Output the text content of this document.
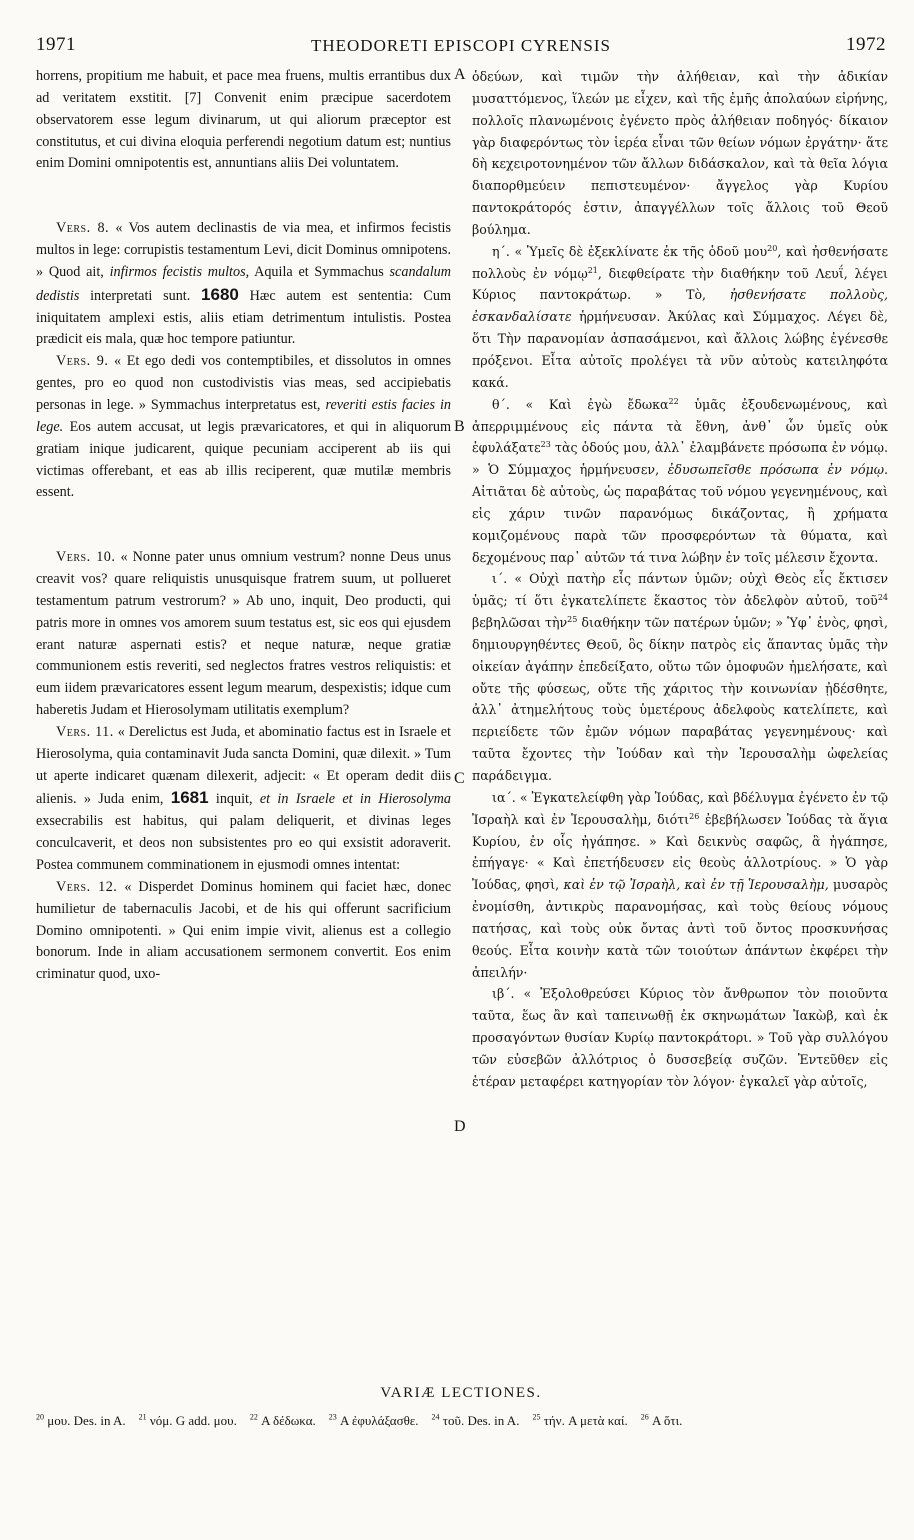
1971	THEODORETI EPISCOPI CYRENSIS	1972
A
B
C
D

horrens, propitium me habuit, et pace mea fruens, multis errantibus dux ad veritatem exstitit. [7] Convenit enim præcipue sacerdotem observatorem esse legum divinarum, ut qui aliorum præceptor est constitutus, et cui divina eloquia perferendi negotium datum est; nuntius enim Domini omnipotentis est, annuntians aliis Dei voluntatem.

Vers. 8. « Vos autem declinastis de via mea, et infirmos fecistis multos in lege: corrupistis testamentum Levi, dicit Dominus omnipotens. » Quod ait, infirmos fecistis multos, Aquila et Symmachus scandalum dedistis interpretati sunt. 1680 Hæc autem est sententia: Cum iniquitatem amplexi estis, aliis etiam detrimentum intulistis. Postea prædicit eis mala, quæ hoc tempore patiuntur.

Vers. 9. « Et ego dedi vos contemptibiles, et dissolutos in omnes gentes, pro eo quod non custodivistis vias meas, sed accipiebatis personas in lege. » Symmachus interpretatus est, reveriti estis facies in lege. Eos autem accusat, ut legis prævaricatores, et qui in aliquorum gratiam inique judicarent, quique pecuniam acciperent ab iis qui victimas offerebant, et eas ab illis reciperent, quæ mutilæ membris essent.

Vers. 10. « Nonne pater unus omnium vestrum? nonne Deus unus creavit vos? quare reliquistis unusquisque fratrem suum, ut pollueret testamentum patrum vestrorum? » Ab uno, inquit, Deo producti, qui patris more in omnes vos amorem suum testatus est, sic eos qui ejusdem erant naturæ aspernati estis? et neque naturæ, neque gratiæ communionem estis reveriti, sed neglectos fratres vestros reliquistis: et eum iidem prævaricatores essent legum mearum, despexistis; idque cum haberetis Judam et Hierosolymam utilitatis exemplum?

Vers. 11. « Derelictus est Juda, et abominatio factus est in Israele et Hierosolyma, quia contaminavit Juda sancta Domini, quæ dilexit. » Tum ut aperte indicaret quænam dilexerit, adjecit: « Et operam dedit diis alienis. » Juda enim, 1681 inquit, et in Israele et in Hierosolyma exsecrabilis est habitus, qui palam deliquerit, et divinas leges conculcaverit, et deos non subsistentes pro eo qui exsistit adoraverit. Postea communem comminationem in ejusmodi omnes intentat:

Vers. 12. « Disperdet Dominus hominem qui faciet hæc, donec humilietur de tabernaculis Jacobi, et de his qui offerunt sacrificium Domino omnipotenti. » Qui enim impie vivit, alienus est a collegio bonorum. Inde in aliam accusationem sermonem convertit. Eos enim criminatur quod, uxo-

ὁδεύων, καὶ τιμῶν τὴν ἀλήθειαν, καὶ τὴν ἀδικίαν μυσαττόμενος, ἵλεών με εἶχεν, καὶ τῆς ἐμῆς ἀπολαύων εἰρήνης, πολλοῖς πλανωμένοις ἐγένετο πρὸς ἀλήθειαν ποδηγός· δίκαιον γὰρ διαφερόντως τὸν ἱερέα εἶναι τῶν θείων νόμων ἐργάτην· ἅτε δὴ κεχειροτονημένον τῶν ἄλλων διδάσκαλον, καὶ τὰ θεῖα λόγια διαπορθμεύειν πεπιστευμένον· ἄγγελος γὰρ Κυρίου παντοκράτορός ἐστιν, ἀπαγγέλλων τοῖς ἄλλοις τοῦ Θεοῦ βούλημα.

η΄. « Ὑμεῖς δὲ ἐξεκλίνατε ἐκ τῆς ὁδοῦ μου$^{20}$, καὶ ἠσθενήσατε πολλοὺς ἐν νόμῳ$^{21}$, διεφθείρατε τὴν διαθήκην τοῦ Λευΐ, λέγει Κύριος παντοκράτωρ. » Τὸ, ἠσθενήσατε πολλοὺς, ἐσκανδαλίσατε ἡρμήνευσαν. Ἀκύλας καὶ Σύμμαχος. Λέγει δὲ, ὅτι Τὴν παρανομίαν ἀσπασάμενοι, καὶ ἄλλοις λώβης ἐγένεσθε πρόξενοι. Εἶτα αὐτοῖς προλέγει τὰ νῦν αὐτοὺς κατειληφότα κακά.

θ΄. « Καὶ ἐγὼ ἔδωκα$^{22}$ ὑμᾶς ἐξουδενωμένους, καὶ ἀπερριμμένους εἰς πάντα τὰ ἔθνη, ἀνθ᾽ ὧν ὑμεῖς οὐκ ἐφυλάξατε$^{23}$ τὰς ὁδούς μου, ἀλλ᾽ ἐλαμβάνετε πρόσωπα ἐν νόμῳ. » Ὁ Σύμμαχος ἡρμήνευσεν, ἐδυσωπεῖσθε πρόσωπα ἐν νόμῳ. Αἰτιᾶται δὲ αὐτοὺς, ὡς παραβάτας τοῦ νόμου γεγενημένους, καὶ εἰς χάριν τινῶν παρανόμως δικάζοντας, ἢ χρήματα κομιζομένους παρὰ τῶν προσφερόντων τὰ θύματα, καὶ δεχομένους παρ᾽ αὐτῶν τά τινα λώβην ἐν τοῖς μέλεσιν ἔχοντα.

ι΄. « Οὐχὶ πατὴρ εἷς πάντων ὑμῶν; οὐχὶ Θεὸς εἷς ἔκτισεν ὑμᾶς; τί ὅτι ἐγκατελίπετε ἕκαστος τὸν ἀδελφὸν αὐτοῦ, τοῦ$^{24}$ βεβηλῶσαι τὴν$^{25}$ διαθήκην τῶν πατέρων ὑμῶν; » Ὑφ᾽ ἑνὸς, φησὶ, δημιουργηθέντες Θεοῦ, ὃς δίκην πατρὸς εἰς ἅπαντας ὑμᾶς τὴν οἰκείαν ἀγάπην ἐπεδείξατο, οὕτω τῶν ὁμοφυῶν ἠμελήσατε, καὶ οὔτε τῆς φύσεως, οὔτε τῆς χάριτος τὴν κοινωνίαν ᾐδέσθητε, ἀλλ᾽ ἀτημελήτους τοὺς ὑμετέρους ἀδελφοὺς κατελίπετε, καὶ περιείδετε τῶν ἐμῶν νόμων παραβάτας γεγενημένους· καὶ ταῦτα ἔχοντες τὴν Ἰούδαν καὶ τὴν Ἱερουσαλὴμ ὠφελείας παράδειγμα.

ια΄. « Ἐγκατελείφθη γὰρ Ἰούδας, καὶ βδέλυγμα ἐγένετο ἐν τῷ Ἰσραὴλ καὶ ἐν Ἱερουσαλὴμ, διότι$^{26}$ ἐβεβήλωσεν Ἰούδας τὰ ἅγια Κυρίου, ἐν οἷς ἠγάπησε. » Καὶ δεικνὺς σαφῶς, ἃ ἠγάπησε, ἐπήγαγε· « Καὶ ἐπετήδευσεν εἰς θεοὺς ἀλλοτρίους. » Ὁ γὰρ Ἰούδας, φησὶ, καὶ ἐν τῷ Ἰσραὴλ, καὶ ἐν τῇ Ἱερουσαλὴμ, μυσαρὸς ἐνομίσθη, ἀντικρὺς παρανομήσας, καὶ τοὺς θείους νόμους πατήσας, καὶ τοὺς οὐκ ὄντας ἀντὶ τοῦ ὄντος προσκυνήσας θεούς. Εἶτα κοινὴν κατὰ τῶν τοιούτων ἁπάντων ἐκφέρει τὴν ἀπειλήν·

ιβ΄. « Ἐξολοθρεύσει Κύριος τὸν ἄνθρωπον τὸν ποιοῦντα ταῦτα, ἕως ἂν καὶ ταπεινωθῇ ἐκ σκηνωμάτων Ἰακὼβ, καὶ ἐκ προσαγόντων θυσίαν Κυρίῳ παντοκράτορι. » Τοῦ γὰρ συλλόγου τῶν εὐσεβῶν ἀλλότριος ὁ δυσσεβείᾳ συζῶν. Ἐντεῦθεν εἰς ἑτέραν μεταφέρει κατηγορίαν τὸν λόγον· ἐγκαλεῖ γὰρ αὐτοῖς,

VARIÆ LECTIONES.
$^{20}$ μου. Des. in A. $^{21}$ νόμ. G add. μου. $^{22}$ A δέδωκα. $^{23}$ A ἐφυλάξασθε. $^{24}$ τοῦ. Des. in A. $^{25}$ τήν. A μετὰ καί. $^{26}$ A ὅτι.
